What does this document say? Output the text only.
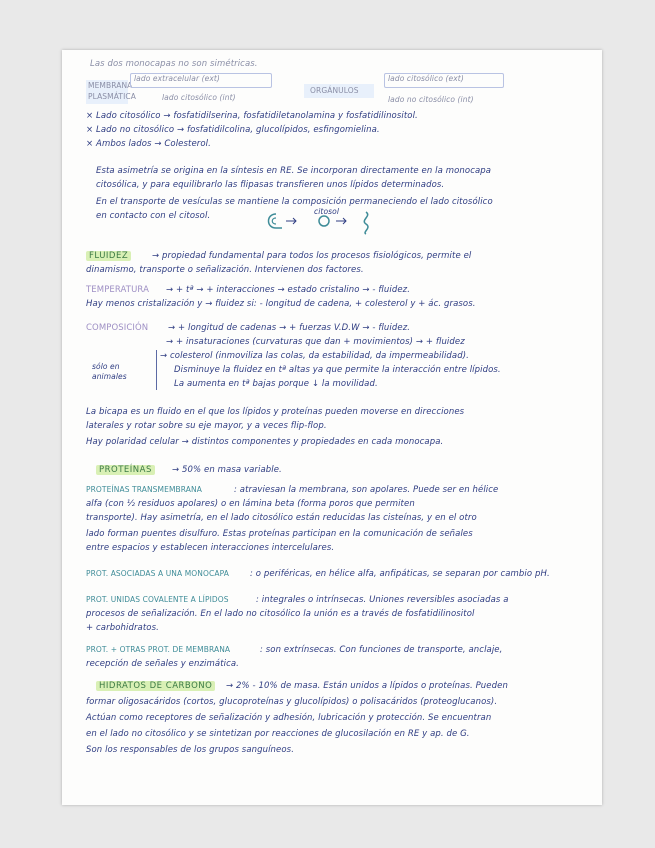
Las dos monocapas no son simétricas.
MEMBRANA
PLASMÁTICA
lado extracelular (ext)
lado citosólico (int)
ORGÁNULOS
lado citosólico (ext)
lado no citosólico (int)
× Lado citosólico → fosfatidilserina, fosfatidiletanolamina y fosfatidilinositol.
× Lado no citosólico → fosfatidilcolina, glucolípidos, esfingomielina.
× Ambos lados → Colesterol.
Esta asimetría se origina en la síntesis en RE. Se incorporan directamente en la monocapa
citosólica, y para equilibrarlo las flipasas transfieren unos lípidos determinados.
En el transporte de vesículas se mantiene la composición permaneciendo el lado citosólico
en contacto con el citosol.	citosol
FLUIDEZ	→ propiedad fundamental para todos los procesos fisiológicos, permite el
dinamismo, transporte o señalización. Intervienen dos factores.
TEMPERATURA → + tª → + interacciones → estado cristalino → - fluidez.
Hay menos cristalización y → fluidez si: - longitud de cadena, + colesterol y + ác. grasos.
COMPOSICIÓN → + longitud de cadenas → + fuerzas V.D.W → - fluidez.
→ + insaturaciones (curvaturas que dan + movimientos) → + fluidez
sólo en
animales
→ colesterol (inmoviliza las colas, da estabilidad, da impermeabilidad).
Disminuye la fluidez en tª altas ya que permite la interacción entre lípidos.
La aumenta en tª bajas porque ↓ la movilidad.
La bicapa es un fluido en el que los lípidos y proteínas pueden moverse en direcciones
laterales y rotar sobre su eje mayor, y a veces flip-flop.
Hay polaridad celular → distintos componentes y propiedades en cada monocapa.
PROTEÍNAS	→ 50% en masa variable.
PROTEÍNAS TRANSMEMBRANA	: atraviesan la membrana, son apolares. Puede ser en hélice
alfa (con ½ residuos apolares) o en lámina beta (forma poros que permiten
transporte). Hay asimetría, en el lado citosólico están reducidas las cisteínas, y en el otro
lado forman puentes disulfuro. Estas proteínas participan en la comunicación de señales
entre espacios y establecen interacciones intercelulares.
PROT. ASOCIADAS A UNA MONOCAPA : o periféricas, en hélice alfa, anfipáticas, se separan por cambio pH.
PROT. UNIDAS COVALENTE A LÍPIDOS	: integrales o intrínsecas. Uniones reversibles asociadas a
procesos de señalización. En el lado no citosólico la unión es a través de fosfatidilinositol
+ carbohidratos.
PROT. + OTRAS PROT. DE MEMBRANA	: son extrínsecas. Con funciones de transporte, anclaje,
recepción de señales y enzimática.
HIDRATOS DE CARBONO	→ 2% - 10% de masa. Están unidos a lípidos o proteínas. Pueden
formar oligosacáridos (cortos, glucoproteínas y glucolípidos) o polisacáridos (proteoglucanos).
Actúan como receptores de señalización y adhesión, lubricación y protección. Se encuentran
en el lado no citosólico y se sintetizan por reacciones de glucosilación en RE y ap. de G.
Son los responsables de los grupos sanguíneos.
